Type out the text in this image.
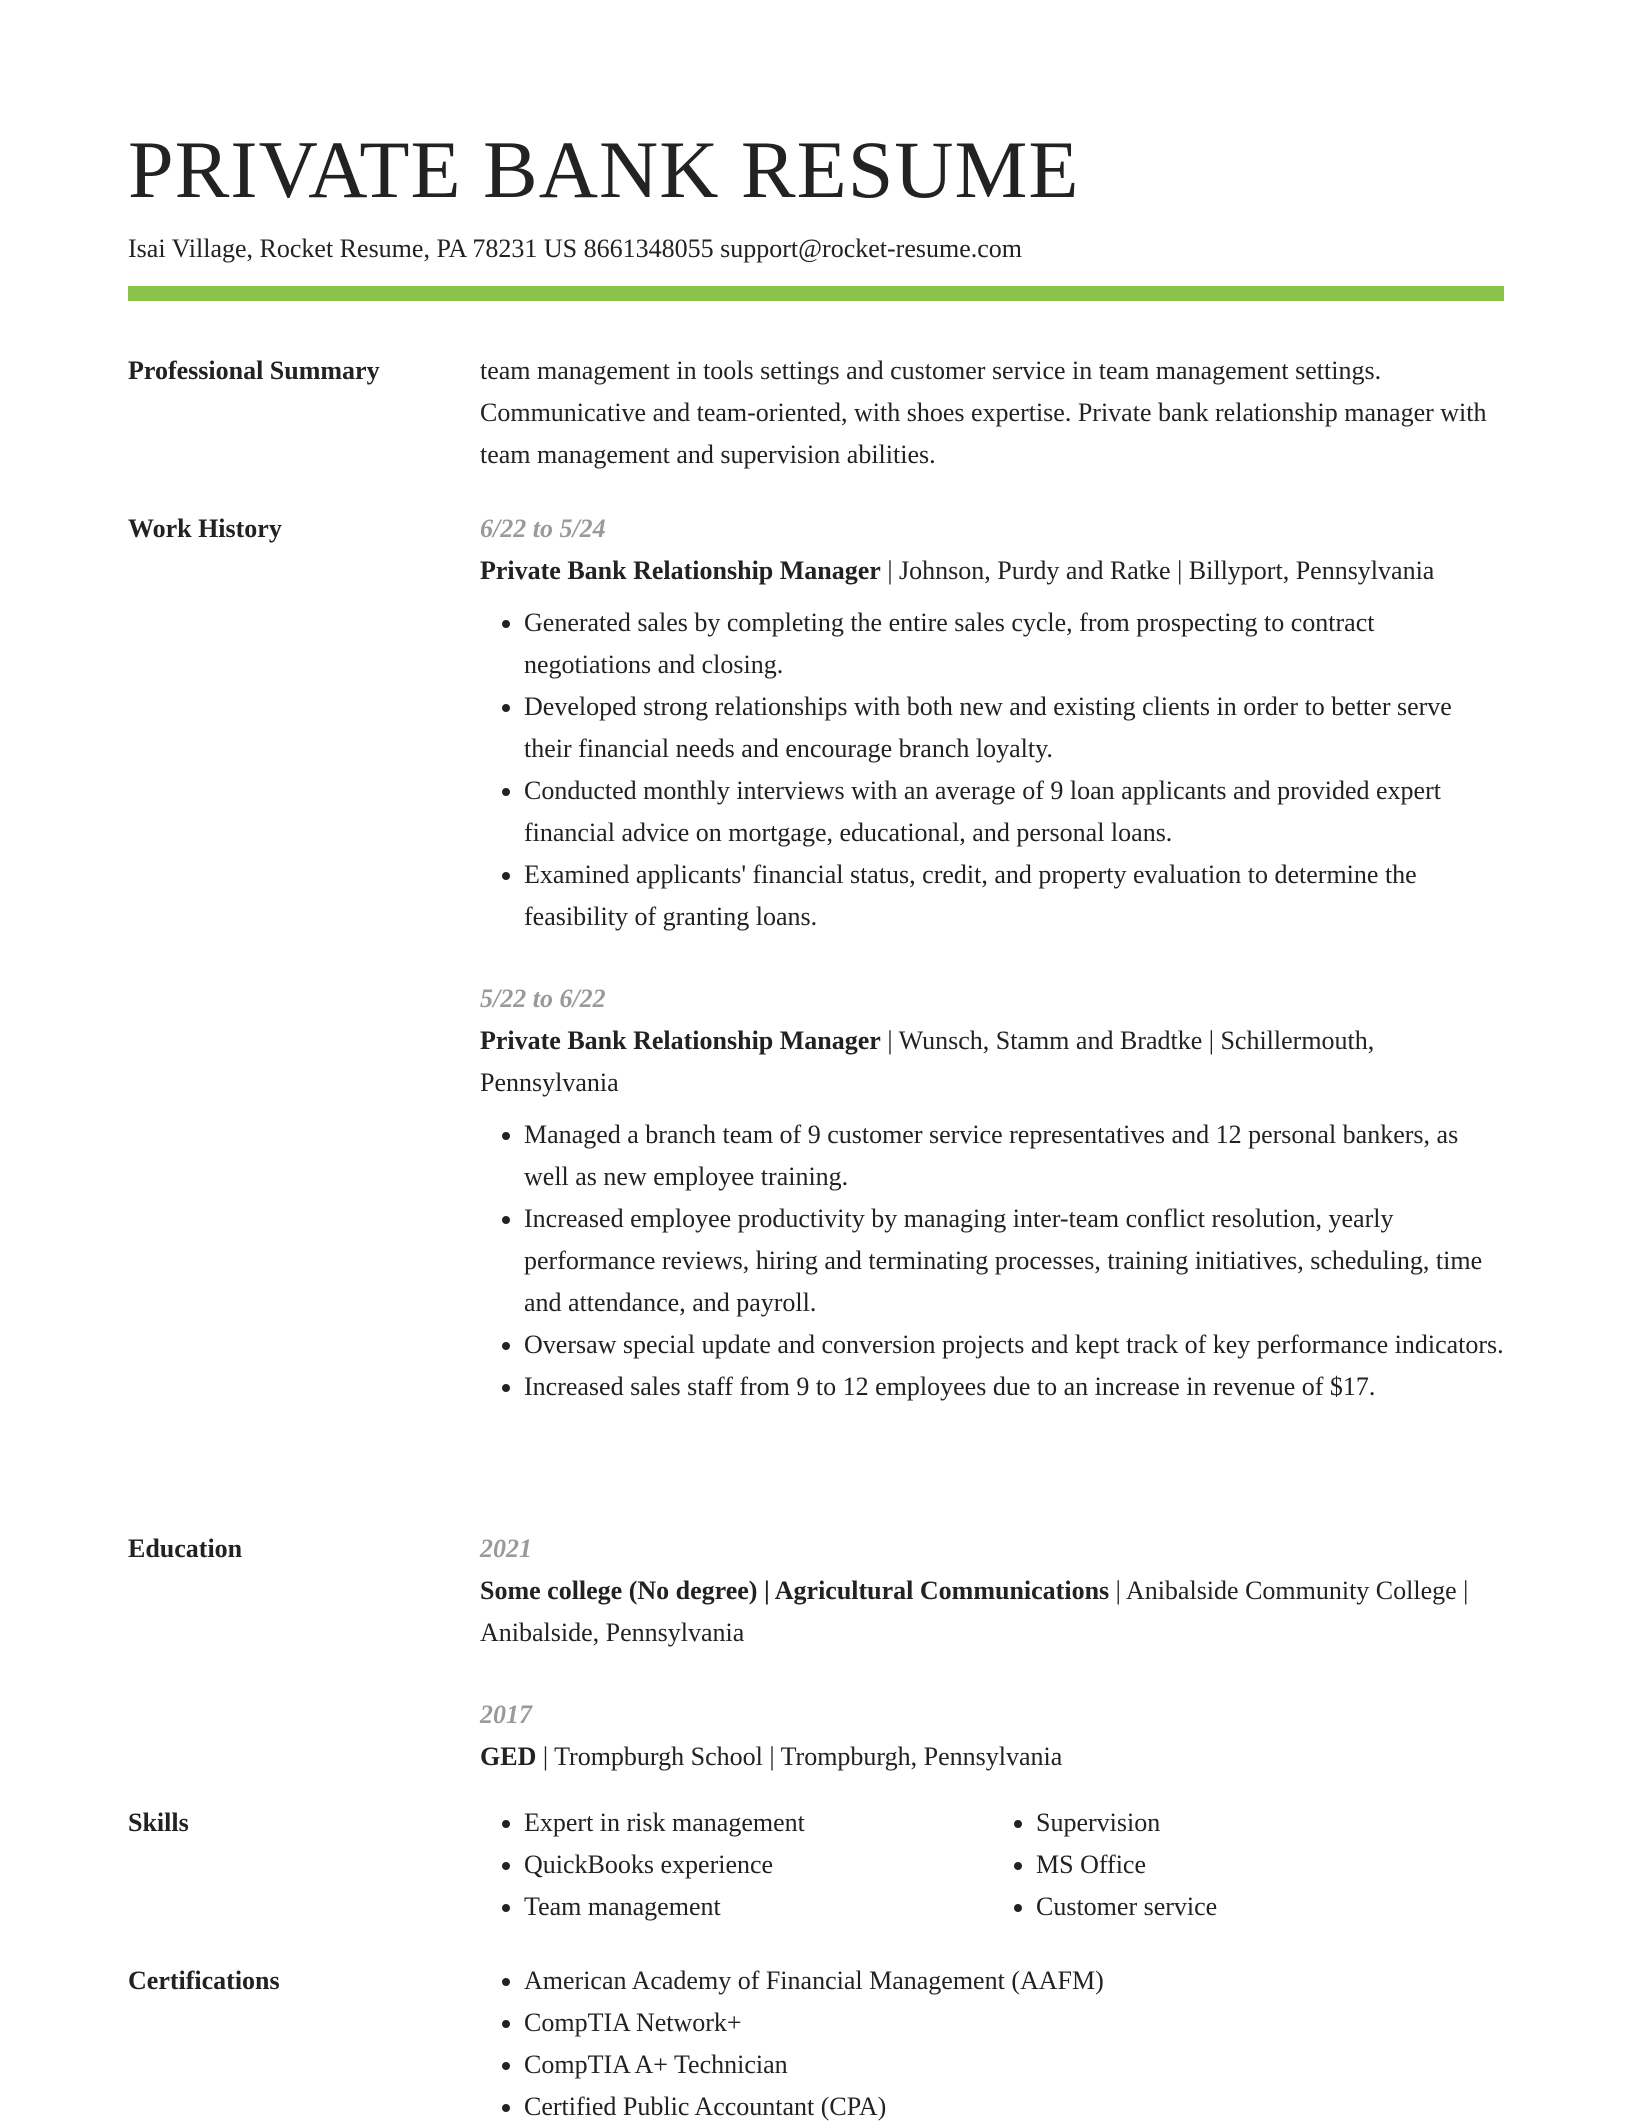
PRIVATE BANK RESUME
Isai Village, Rocket Resume, PA 78231 US 8661348055 support@rocket-resume.com
Professional Summary	team management in tools settings and customer service in team management settings. Communicative and team-oriented, with shoes expertise. Private bank relationship manager with team management and supervision abilities.
Work History	6/22 to 5/24
Private Bank Relationship Manager | Johnson, Purdy and Ratke | Billyport, Pennsylvania
• Generated sales by completing the entire sales cycle, from prospecting to contract negotiations and closing.
• Developed strong relationships with both new and existing clients in order to better serve their financial needs and encourage branch loyalty.
• Conducted monthly interviews with an average of 9 loan applicants and provided expert financial advice on mortgage, educational, and personal loans.
• Examined applicants' financial status, credit, and property evaluation to determine the feasibility of granting loans.
5/22 to 6/22
Private Bank Relationship Manager | Wunsch, Stamm and Bradtke | Schillermouth, Pennsylvania
• Managed a branch team of 9 customer service representatives and 12 personal bankers, as well as new employee training.
• Increased employee productivity by managing inter-team conflict resolution, yearly performance reviews, hiring and terminating processes, training initiatives, scheduling, time and attendance, and payroll.
• Oversaw special update and conversion projects and kept track of key performance indicators.
• Increased sales staff from 9 to 12 employees due to an increase in revenue of $17.
Education	2021
Some college (No degree) | Agricultural Communications | Anibalside Community College | Anibalside, Pennsylvania
2017
GED | Trompburgh School | Trompburgh, Pennsylvania
Skills	• Expert in risk management
• QuickBooks experience
• Team management
• Supervision
• MS Office
• Customer service
Certifications	• American Academy of Financial Management (AAFM)
• CompTIA Network+
• CompTIA A+ Technician
• Certified Public Accountant (CPA)
